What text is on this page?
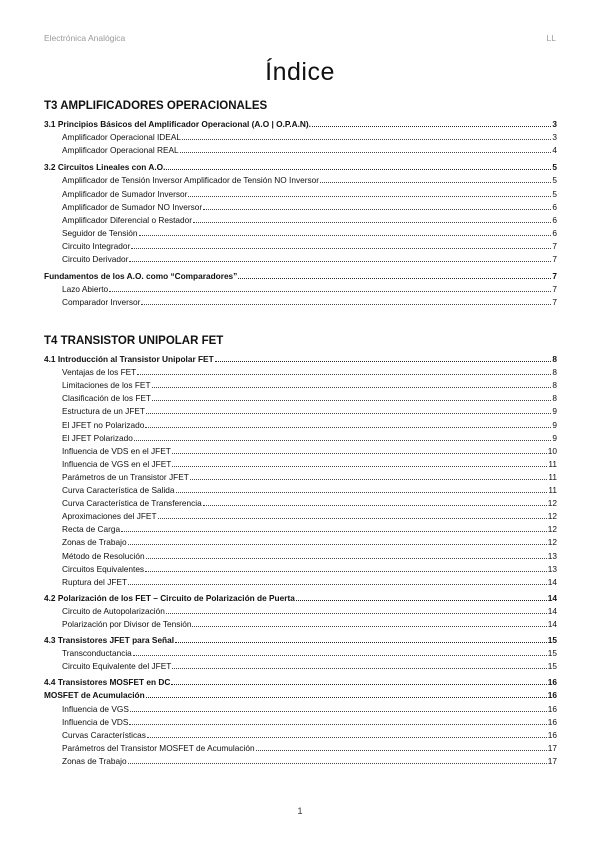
Electrónica Analógica	LL
Índice
T3 AMPLIFICADORES OPERACIONALES
3.1 Principios Básicos del Amplificador Operacional (A.O | O.P.A.N).	3
Amplificador Operacional IDEAL	3
Amplificador Operacional REAL	4
3.2 Circuitos Lineales con A.O.	5
Amplificador de Tensión Inversor Amplificador de Tensión NO Inversor	5
Amplificador de Sumador Inversor	5
Amplificador de Sumador NO Inversor	6
Amplificador Diferencial o Restador	6
Seguidor de Tensión	6
Circuito Integrador	7
Circuito Derivador	7
Fundamentos de los A.O. como “Comparadores”	7
Lazo Abierto	7
Comparador Inversor	7
T4 TRANSISTOR UNIPOLAR FET
4.1 Introducción al Transistor Unipolar FET	8
Ventajas de los FET	8
Limitaciones de los FET	8
Clasificación de los FET	8
Estructura de un JFET	9
El JFET no Polarizado	9
El JFET Polarizado	9
Influencia de VDS en el JFET	10
Influencia de VGS en el JFET	11
Parámetros de un Transistor JFET	11
Curva Característica de Salida	11
Curva Característica de Transferencia	12
Aproximaciones del JFET	12
Recta de Carga	12
Zonas de Trabajo	12
Método de Resolución	13
Circuitos Equivalentes	13
Ruptura del JFET	14
4.2 Polarización de los FET – Circuito de Polarización de Puerta	14
Circuito de Autopolarización	14
Polarización por Divisor de Tensión	14
4.3 Transistores JFET para Señal	15
Transconductancia	15
Circuito Equivalente del JFET	15
4.4 Transistores MOSFET en DC	16
MOSFET de Acumulación	16
Influencia de VGS	16
Influencia de VDS	16
Curvas Características	16
Parámetros del Transistor MOSFET de Acumulación	17
Zonas de Trabajo	17
1
